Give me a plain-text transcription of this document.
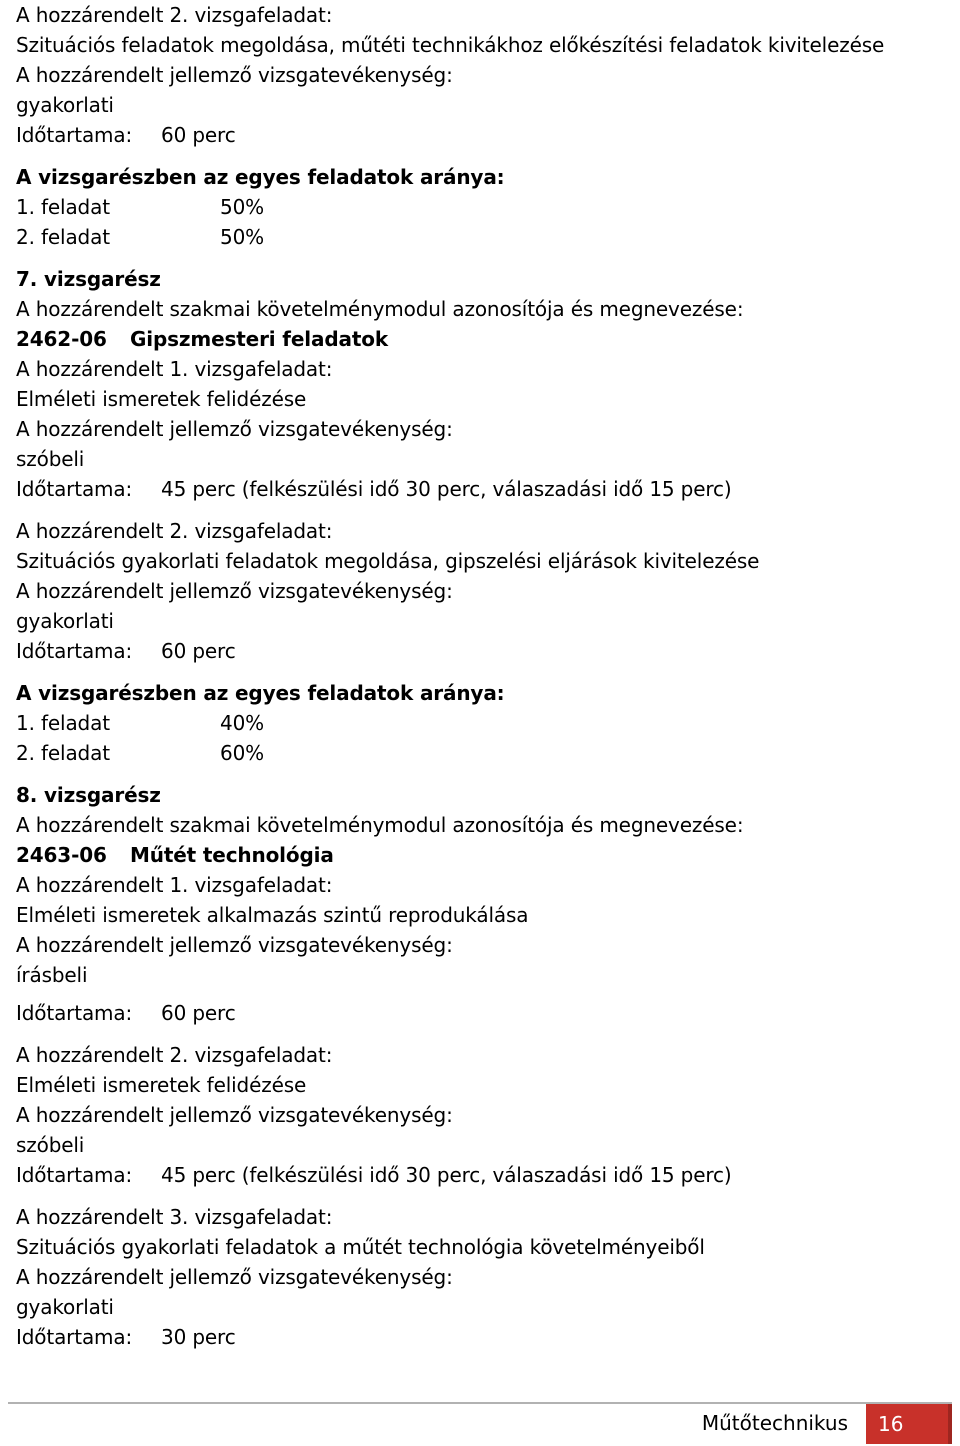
A hozzárendelt 2. vizsgafeladat:
Szituációs feladatok megoldása, műtéti technikákhoz előkészítési feladatok kivitelezése
A hozzárendelt jellemző vizsgatevékenység:
gyakorlati
Időtartama: 60 perc
A vizsgarészben az egyes feladatok aránya:
1. feladat	50%
2. feladat	50%
7. vizsgarész
A hozzárendelt szakmai követelménymodul azonosítója és megnevezése:
2462-06 Gipszmesteri feladatok
A hozzárendelt 1. vizsgafeladat:
Elméleti ismeretek felidézése
A hozzárendelt jellemző vizsgatevékenység:
szóbeli
Időtartama: 45 perc (felkészülési idő 30 perc, válaszadási idő 15 perc)
A hozzárendelt 2. vizsgafeladat:
Szituációs gyakorlati feladatok megoldása, gipszelési eljárások kivitelezése
A hozzárendelt jellemző vizsgatevékenység:
gyakorlati
Időtartama: 60 perc
A vizsgarészben az egyes feladatok aránya:
1. feladat	40%
2. feladat	60%
8. vizsgarész
A hozzárendelt szakmai követelménymodul azonosítója és megnevezése:
2463-06 Műtét technológia
A hozzárendelt 1. vizsgafeladat:
Elméleti ismeretek alkalmazás szintű reprodukálása
A hozzárendelt jellemző vizsgatevékenység:
írásbeli
Időtartama: 60 perc
A hozzárendelt 2. vizsgafeladat:
Elméleti ismeretek felidézése
A hozzárendelt jellemző vizsgatevékenység:
szóbeli
Időtartama: 45 perc (felkészülési idő 30 perc, válaszadási idő 15 perc)
A hozzárendelt 3. vizsgafeladat:
Szituációs gyakorlati feladatok a műtét technológia követelményeiből
A hozzárendelt jellemző vizsgatevékenység:
gyakorlati
Időtartama: 30 perc
Műtőtechnikus	16
